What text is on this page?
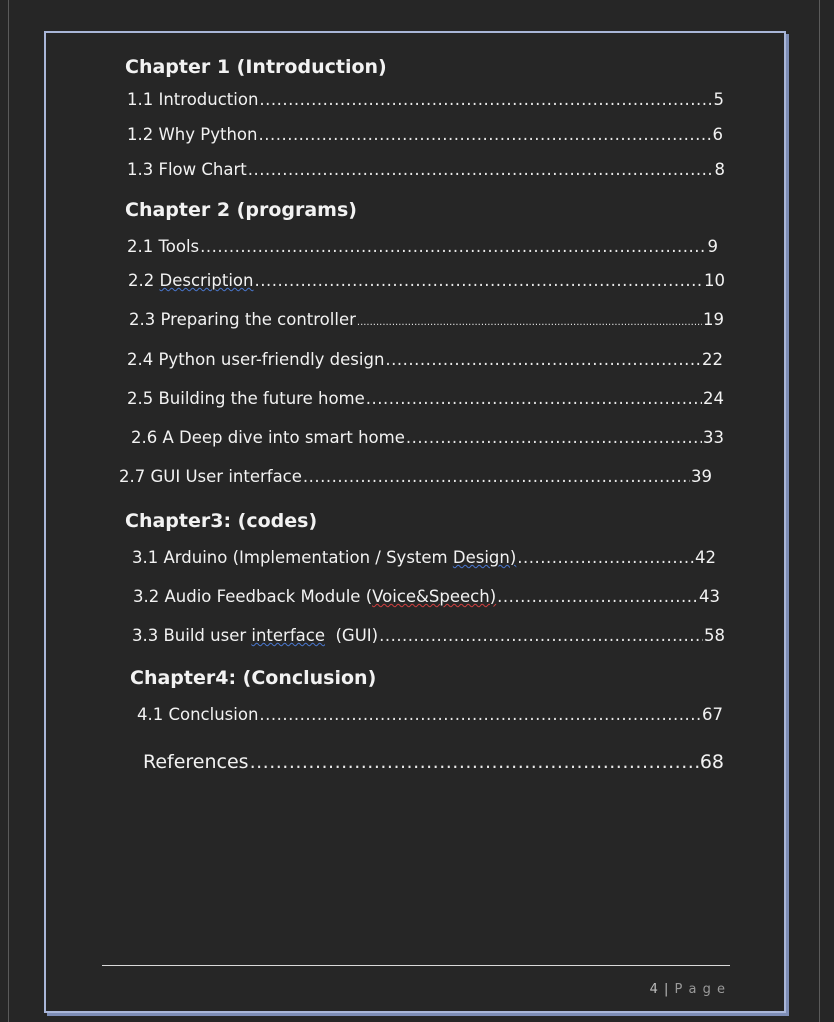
Chapter 1 (Introduction)
1.1 Introduction .....	5
1.2 Why Python .....	6
1.3 Flow Chart .....	8
Chapter 2 (programs)
2.1 Tools .....	9
2.2 Description .....	10
2.3 Preparing the controller .....	19
2.4 Python user-friendly design .....	22
2.5 Building the future home .....	24
2.6 A Deep dive into smart home .....	33
2.7 GUI User interface .....	39
Chapter3: (codes)
3.1 Arduino (Implementation / System Design) .....	42
3.2 Audio Feedback Module (Voice&Speech) .....	43
3.3 Build user interface  (GUI) .....	58
Chapter4: (Conclusion)
4.1 Conclusion .....	67
References .....	68
4 | P a g e
